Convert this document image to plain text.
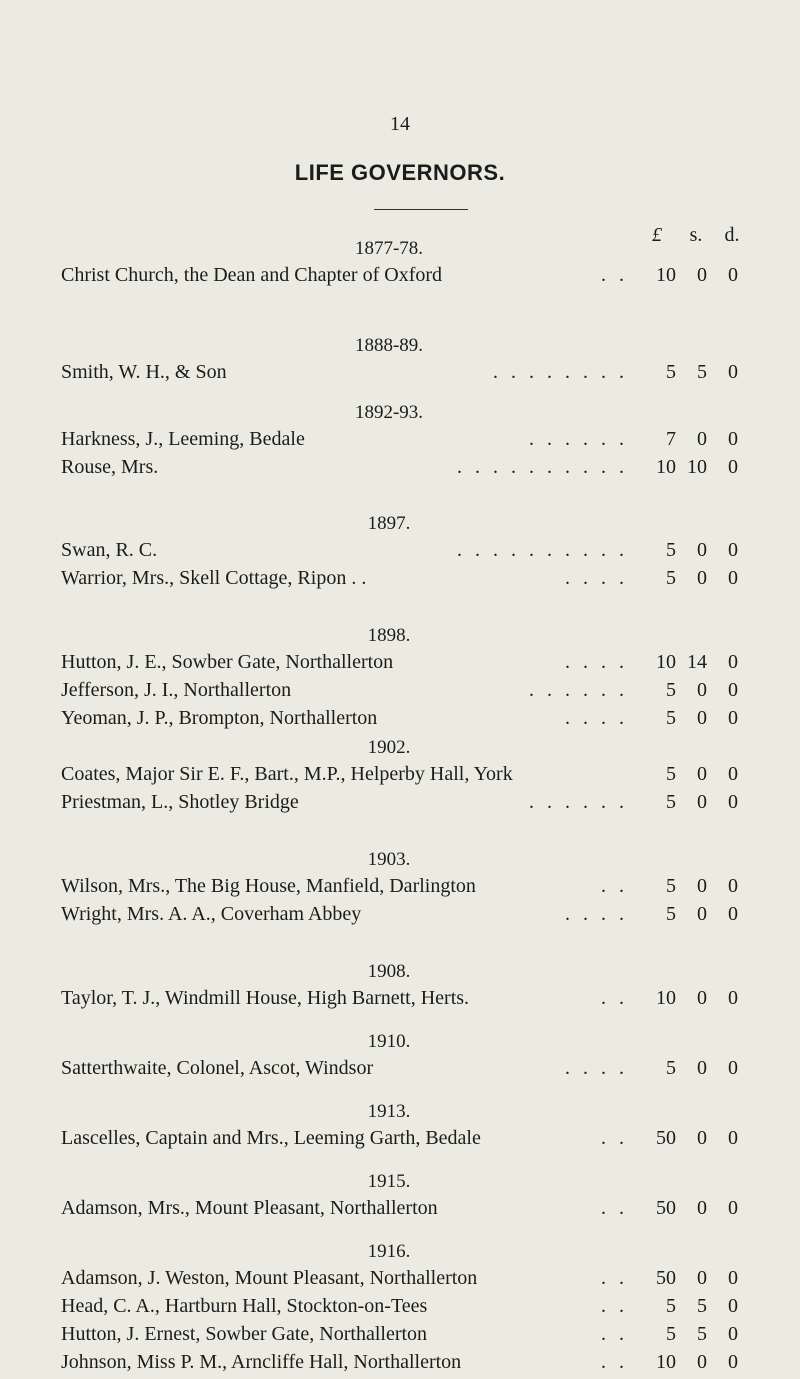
14
LIFE GOVERNORS.
£	s. d.
1877-78.
Christ Church, the Dean and Chapter of Oxford	. .	10	0	0
1888-89.
Smith, W. H., & Son	. . . . . . . .	5	5	0
1892-93.
Harkness, J., Leeming, Bedale	. . . . . .	7	0	0
Rouse, Mrs.	. . . . . . . . . .	10 10	0
1897.
Swan, R. C.	. . . . . . . . . .	5	0	0
Warrior, Mrs., Skell Cottage, Ripon . .	. . . .	5	0	0
1898.
Hutton, J. E., Sowber Gate, Northallerton	. . . .	10 14	0
Jefferson, J. I., Northallerton	. . . . . .	5	0	0
Yeoman, J. P., Brompton, Northallerton	. . . .	5	0	0
1902.
Coates, Major Sir E. F., Bart., M.P., Helperby Hall, York	5	0	0
Priestman, L., Shotley Bridge	. . . . . .	5	0	0
1903.
Wilson, Mrs., The Big House, Manfield, Darlington	. .	5	0	0
Wright, Mrs. A. A., Coverham Abbey	. . . .	5	0	0
1908.
Taylor, T. J., Windmill House, High Barnett, Herts.	. .	10	0	0
1910.
Satterthwaite, Colonel, Ascot, Windsor	. . . .	5	0	0
1913.
Lascelles, Captain and Mrs., Leeming Garth, Bedale	. .	50	0	0
1915.
Adamson, Mrs., Mount Pleasant, Northallerton	. .	50	0	0
1916.
Adamson, J. Weston, Mount Pleasant, Northallerton	. .	50	0	0
Head, C. A., Hartburn Hall, Stockton-on-Tees	. .	5	5	0
Hutton, J. Ernest, Sowber Gate, Northallerton	. .	5	5	0
Johnson, Miss P. M., Arncliffe Hall, Northallerton	. .	10	0	0
